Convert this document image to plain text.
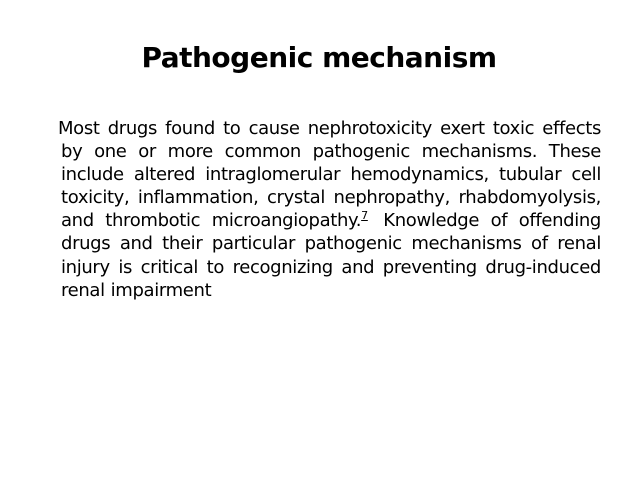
Pathogenic mechanism

Most drugs found to cause nephrotoxicity exert toxic effects by one or more common pathogenic mechanisms. These include altered intraglomerular hemodynamics, tubular cell toxicity, inflammation, crystal nephropathy, rhabdomyolysis, and thrombotic microangiopathy.$^7$ Knowledge of offending drugs and their particular pathogenic mechanisms of renal injury is critical to recognizing and preventing drug-induced renal impairment
